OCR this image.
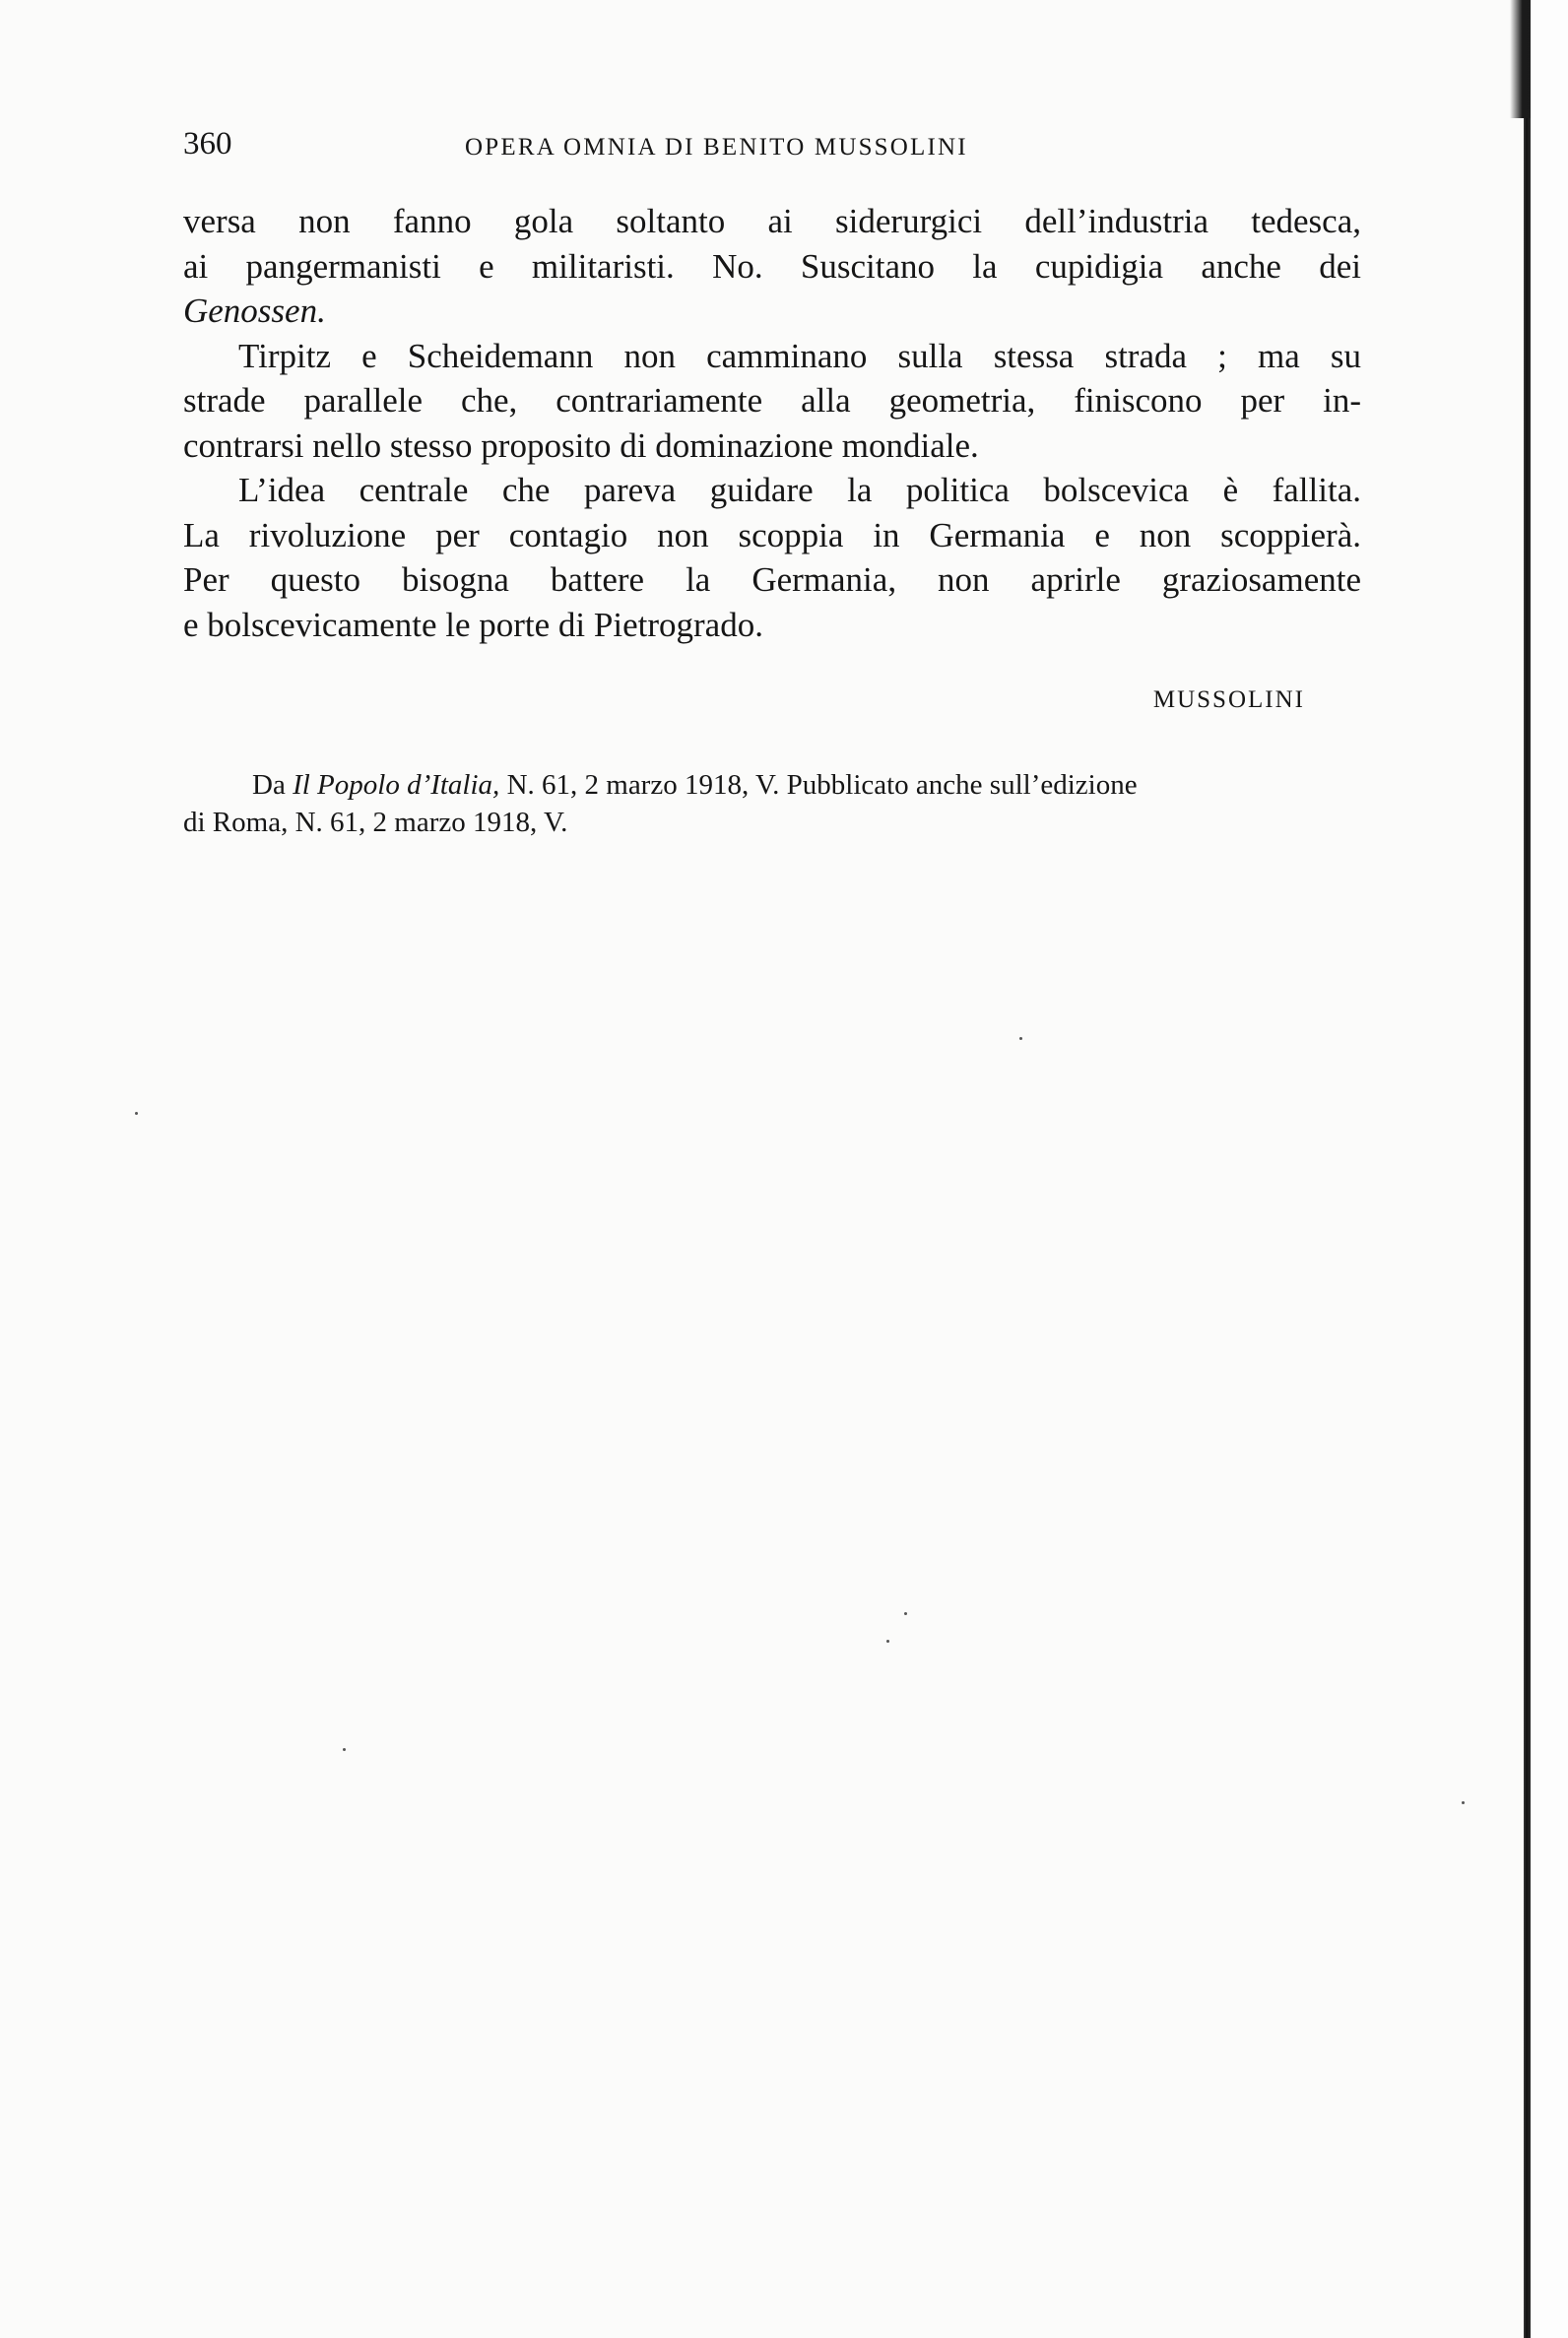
360	OPERA OMNIA DI BENITO MUSSOLINI
versa non fanno gola soltanto ai siderurgici dell’industria tedesca,
ai pangermanisti e militaristi. No. Suscitano la cupidigia anche dei
Genossen.
Tirpitz e Scheidemann non camminano sulla stessa strada ; ma su
strade parallele che, contrariamente alla geometria, finiscono per in-
contrarsi nello stesso proposito di dominazione mondiale.
L’idea centrale che pareva guidare la politica bolscevica è fallita.
La rivoluzione per contagio non scoppia in Germania e non scoppierà.
Per questo bisogna battere la Germania, non aprirle graziosamente
e bolscevicamente le porte di Pietrogrado.
MUSSOLINI
Da Il Popolo d’Italia, N. 61, 2 marzo 1918, V. Pubblicato anche sull’edizione
di Roma, N. 61, 2 marzo 1918, V.
